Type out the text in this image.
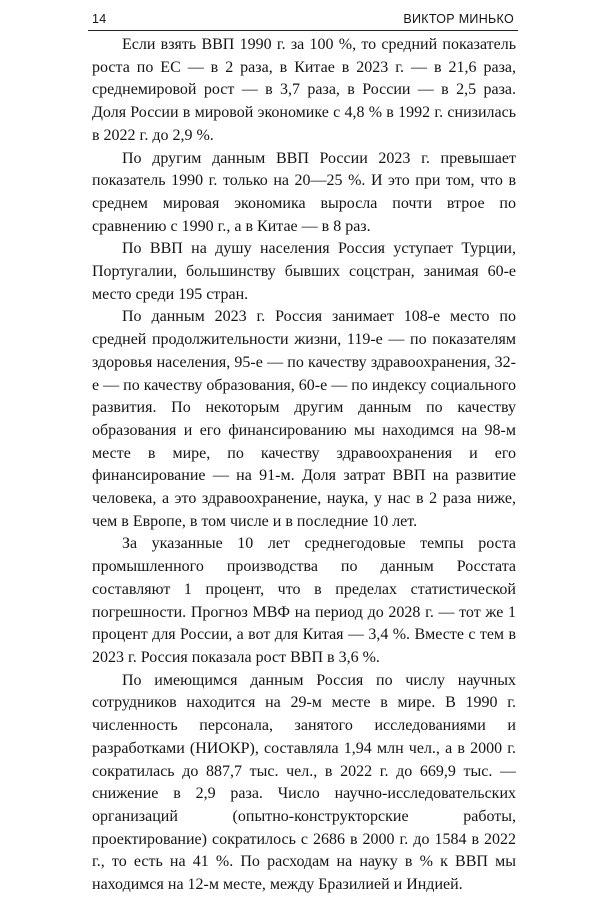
14	ВИКТОР МИНЬКО

Если взять ВВП 1990 г. за 100 %, то средний показатель роста по ЕС — в 2 раза, в Китае в 2023 г. — в 21,6 раза, среднемировой рост — в 3,7 раза, в России — в 2,5 раза. Доля России в мировой экономике с 4,8 % в 1992 г. снизилась в 2022 г. до 2,9 %.

По другим данным ВВП России 2023 г. превышает показатель 1990 г. только на 20—25 %. И это при том, что в среднем мировая экономика выросла почти втрое по сравнению с 1990 г., а в Китае — в 8 раз.

По ВВП на душу населения Россия уступает Турции, Португалии, большинству бывших соцстран, занимая 60-е место среди 195 стран.

По данным 2023 г. Россия занимает 108-е место по средней продолжительности жизни, 119-е — по показателям здоровья населения, 95-е — по качеству здравоохранения, 32-е — по качеству образования, 60-е — по индексу социального развития. По некоторым другим данным по качеству образования и его финансированию мы находимся на 98-м месте в мире, по качеству здравоохранения и его финансирование — на 91-м. Доля затрат ВВП на развитие человека, а это здравоохранение, наука, у нас в 2 раза ниже, чем в Европе, в том числе и в последние 10 лет.

За указанные 10 лет среднегодовые темпы роста промышленного производства по данным Росстата составляют 1 процент, что в пределах статистической погрешности. Прогноз МВФ на период до 2028 г. — тот же 1 процент для России, а вот для Китая — 3,4 %. Вместе с тем в 2023 г. Россия показала рост ВВП в 3,6 %.

По имеющимся данным Россия по числу научных сотрудников находится на 29-м месте в мире. В 1990 г. численность персонала, занятого исследованиями и разработками (НИОКР), составляла 1,94 млн чел., а в 2000 г. сократилась до 887,7 тыс. чел., в 2022 г. до 669,9 тыс. — снижение в 2,9 раза. Число научно-исследовательских организаций (опытно-конструкторские работы, проектирование) сократилось с 2686 в 2000 г. до 1584 в 2022 г., то есть на 41 %. По расходам на науку в % к ВВП мы находимся на 12-м месте, между Бразилией и Индией.
